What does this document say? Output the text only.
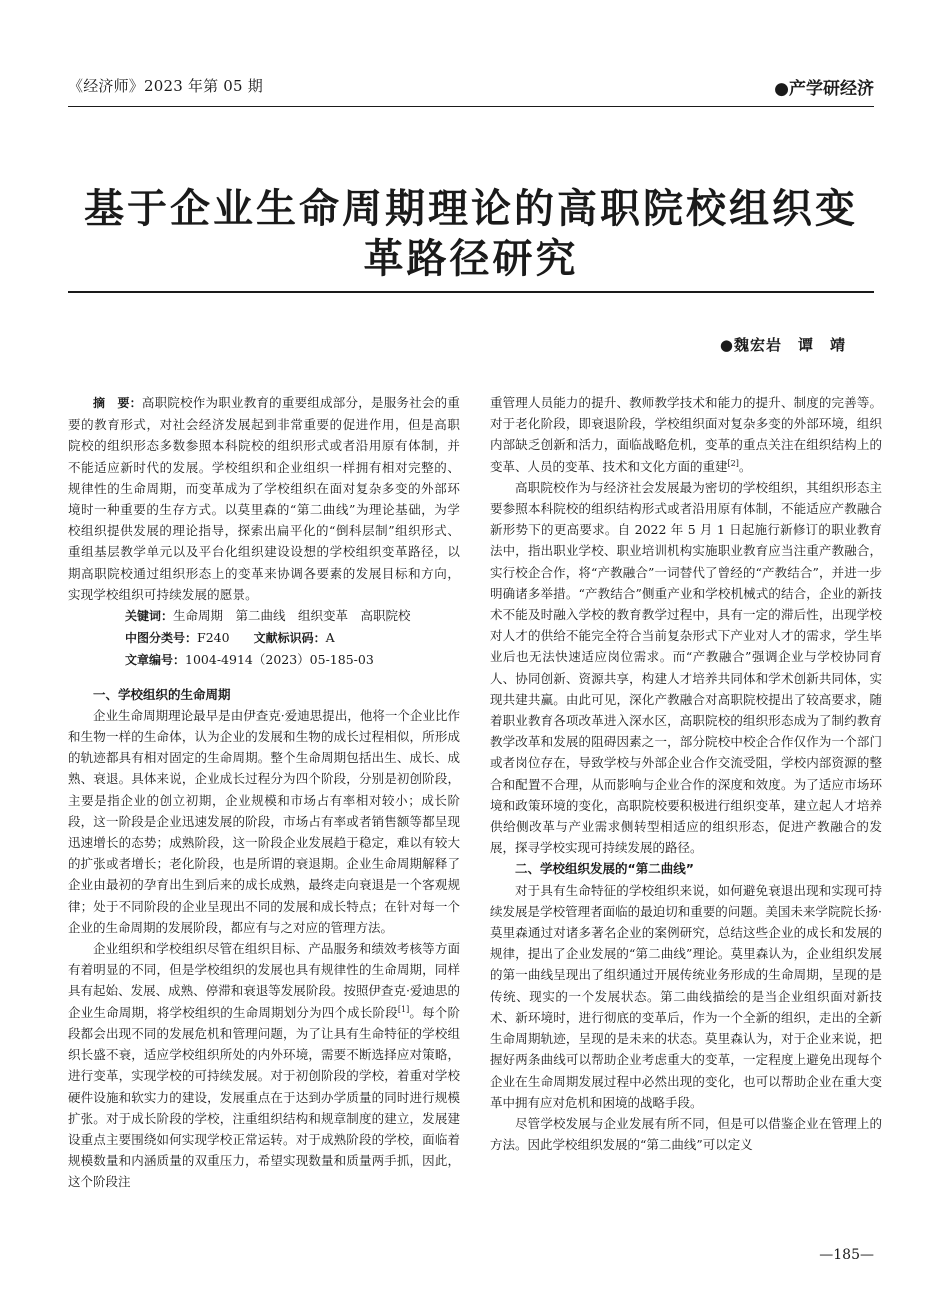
《经济师》2023 年第 05 期	●产学研经济
基于企业生命周期理论的高职院校组织变革路径研究
●魏宏岩　谭　靖

摘　要：高职院校作为职业教育的重要组成部分，是服务社会的重要的教育形式，对社会经济发展起到非常重要的促进作用，但是高职院校的组织形态多数参照本科院校的组织形式或者沿用原有体制，并不能适应新时代的发展。学校组织和企业组织一样拥有相对完整的、规律性的生命周期，而变革成为了学校组织在面对复杂多变的外部环境时一种重要的生存方式。以莫里森的“第二曲线”为理论基础，为学校组织提供发展的理论指导，探索出扁平化的“倒科层制”组织形式、重组基层教学单元以及平台化组织建设设想的学校组织变革路径，以期高职院校通过组织形态上的变革来协调各要素的发展目标和方向，实现学校组织可持续发展的愿景。

关键词：生命周期　第二曲线　组织变革　高职院校

中图分类号：F240 文献标识码：A

文章编号：1004-4914（2023）05-185-03

一、学校组织的生命周期

企业生命周期理论最早是由伊查克·爱迪思提出，他将一个企业比作和生物一样的生命体，认为企业的发展和生物的成长过程相似，所形成的轨迹都具有相对固定的生命周期。整个生命周期包括出生、成长、成熟、衰退。具体来说，企业成长过程分为四个阶段，分别是初创阶段，主要是指企业的创立初期，企业规模和市场占有率相对较小；成长阶段，这一阶段是企业迅速发展的阶段，市场占有率或者销售额等都呈现迅速增长的态势；成熟阶段，这一阶段企业发展趋于稳定，难以有较大的扩张或者增长；老化阶段，也是所谓的衰退期。企业生命周期解释了企业由最初的孕育出生到后来的成长成熟，最终走向衰退是一个客观规律；处于不同阶段的企业呈现出不同的发展和成长特点；在针对每一个企业的生命周期的发展阶段，都应有与之对应的管理方法。

企业组织和学校组织尽管在组织目标、产品服务和绩效考核等方面有着明显的不同，但是学校组织的发展也具有规律性的生命周期，同样具有起始、发展、成熟、停滞和衰退等发展阶段。按照伊查克·爱迪思的企业生命周期，将学校组织的生命周期划分为四个成长阶段[1]。每个阶段都会出现不同的发展危机和管理问题，为了让具有生命特征的学校组织长盛不衰，适应学校组织所处的内外环境，需要不断选择应对策略，进行变革，实现学校的可持续发展。对于初创阶段的学校，着重对学校硬件设施和软实力的建设，发展重点在于达到办学质量的同时进行规模扩张。对于成长阶段的学校，注重组织结构和规章制度的建立，发展建设重点主要围绕如何实现学校正常运转。对于成熟阶段的学校，面临着规模数量和内涵质量的双重压力，希望实现数量和质量两手抓，因此，这个阶段注

重管理人员能力的提升、教师教学技术和能力的提升、制度的完善等。对于老化阶段，即衰退阶段，学校组织面对复杂多变的外部环境，组织内部缺乏创新和活力，面临战略危机，变革的重点关注在组织结构上的变革、人员的变革、技术和文化方面的重建[2]。

高职院校作为与经济社会发展最为密切的学校组织，其组织形态主要参照本科院校的组织结构形式或者沿用原有体制，不能适应产教融合新形势下的更高要求。自 2022 年 5 月 1 日起施行新修订的职业教育法中，指出职业学校、职业培训机构实施职业教育应当注重产教融合，实行校企合作，将“产教融合”一词替代了曾经的“产教结合”，并进一步明确诸多举措。“产教结合”侧重产业和学校机械式的结合，企业的新技术不能及时融入学校的教育教学过程中，具有一定的滞后性，出现学校对人才的供给不能完全符合当前复杂形式下产业对人才的需求，学生毕业后也无法快速适应岗位需求。而“产教融合”强调企业与学校协同育人、协同创新、资源共享，构建人才培养共同体和学术创新共同体，实现共建共赢。由此可见，深化产教融合对高职院校提出了较高要求，随着职业教育各项改革进入深水区，高职院校的组织形态成为了制约教育教学改革和发展的阻碍因素之一，部分院校中校企合作仅作为一个部门或者岗位存在，导致学校与外部企业合作交流受阻，学校内部资源的整合和配置不合理，从而影响与企业合作的深度和效度。为了适应市场环境和政策环境的变化，高职院校要积极进行组织变革，建立起人才培养供给侧改革与产业需求侧转型相适应的组织形态，促进产教融合的发展，探寻学校实现可持续发展的路径。

二、学校组织发展的“第二曲线”

对于具有生命特征的学校组织来说，如何避免衰退出现和实现可持续发展是学校管理者面临的最迫切和重要的问题。美国未来学院院长扬·莫里森通过对诸多著名企业的案例研究，总结这些企业的成长和发展的规律，提出了企业发展的“第二曲线”理论。莫里森认为，企业组织发展的第一曲线呈现出了组织通过开展传统业务形成的生命周期，呈现的是传统、现实的一个发展状态。第二曲线描绘的是当企业组织面对新技术、新环境时，进行彻底的变革后，作为一个全新的组织，走出的全新生命周期轨迹，呈现的是未来的状态。莫里森认为，对于企业来说，把握好两条曲线可以帮助企业考虑重大的变革，一定程度上避免出现每个企业在生命周期发展过程中必然出现的变化，也可以帮助企业在重大变革中拥有应对危机和困境的战略手段。

尽管学校发展与企业发展有所不同，但是可以借鉴企业在管理上的方法。因此学校组织发展的“第二曲线”可以定义

—185—
